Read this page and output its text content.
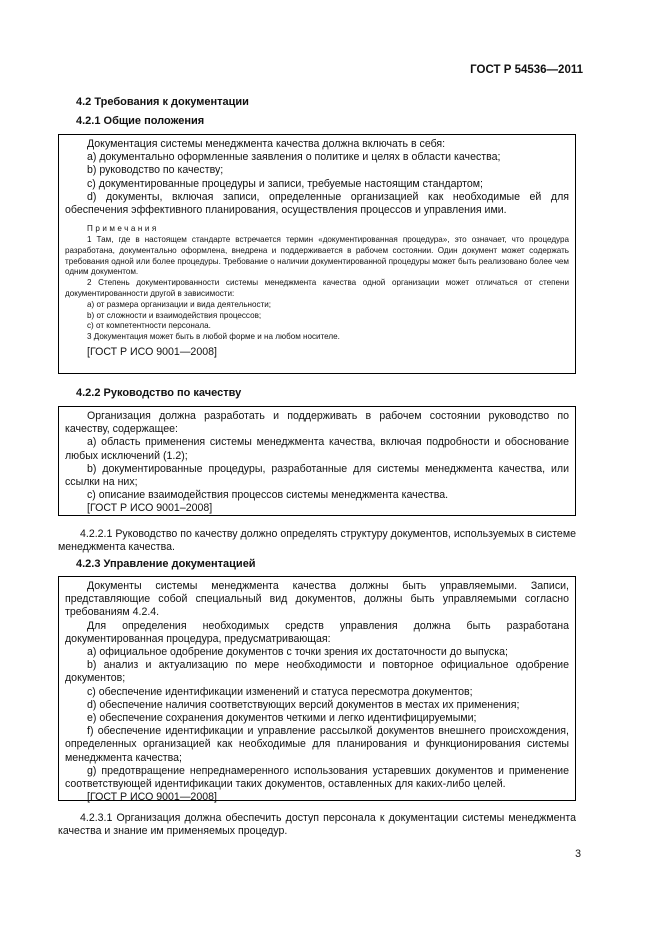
ГОСТ Р 54536—2011
4.2 Требования к документации
4.2.1 Общие положения

Документация системы менеджмента качества должна включать в себя:

а) документально оформленные заявления о политике и целях в области качества;

b) руководство по качеству;

c) документированные процедуры и записи, требуемые настоящим стандартом;

d) документы, включая записи, определенные организацией как необходимые ей для обеспечения эффективного планирования, осуществления процессов и управления ими.

Примечания

1 Там, где в настоящем стандарте встречается термин «документированная процедура», это означает, что процедура разработана, документально оформлена, внедрена и поддерживается в рабочем состоянии. Один документ может содержать требования одной или более процедуры. Требование о наличии документированной процедуры может быть реализовано более чем одним документом.

2 Степень документированности системы менеджмента качества одной организации может отличаться от степени документированности другой в зависимости:

а) от размера организации и вида деятельности;

b) от сложности и взаимодействия процессов;

c) от компетентности персонала.

3 Документация может быть в любой форме и на любом носителе.

[ГОСТ Р ИСО 9001—2008]

4.2.2 Руководство по качеству

Организация должна разработать и поддерживать в рабочем состоянии руководство по качеству, содержащее:

а) область применения системы менеджмента качества, включая подробности и обоснование любых исключений (1.2);

b) документированные процедуры, разработанные для системы менеджмента качества, или ссылки на них;

c) описание взаимодействия процессов системы менеджмента качества.

[ГОСТ Р ИСО 9001–2008]

4.2.2.1 Руководство по качеству должно определять структуру документов, используемых в системе менеджмента качества.

4.2.3 Управление документацией

Документы системы менеджмента качества должны быть управляемыми. Записи, представляющие собой специальный вид документов, должны быть управляемыми согласно требованиям 4.2.4.

Для определения необходимых средств управления должна быть разработана документированная процедура, предусматривающая:

а) официальное одобрение документов с точки зрения их достаточности до выпуска;

b) анализ и актуализацию по мере необходимости и повторное официальное одобрение документов;

c) обеспечение идентификации изменений и статуса пересмотра документов;

d) обеспечение наличия соответствующих версий документов в местах их применения;

e) обеспечение сохранения документов четкими и легко идентифицируемыми;

f) обеспечение идентификации и управление рассылкой документов внешнего происхождения, определенных организацией как необходимые для планирования и функционирования системы менеджмента качества;

g) предотвращение непреднамеренного использования устаревших документов и применение соответствующей идентификации таких документов, оставленных для каких-либо целей.

[ГОСТ Р ИСО 9001—2008]

4.2.3.1 Организация должна обеспечить доступ персонала к документации системы менеджмента качества и знание им применяемых процедур.

3
